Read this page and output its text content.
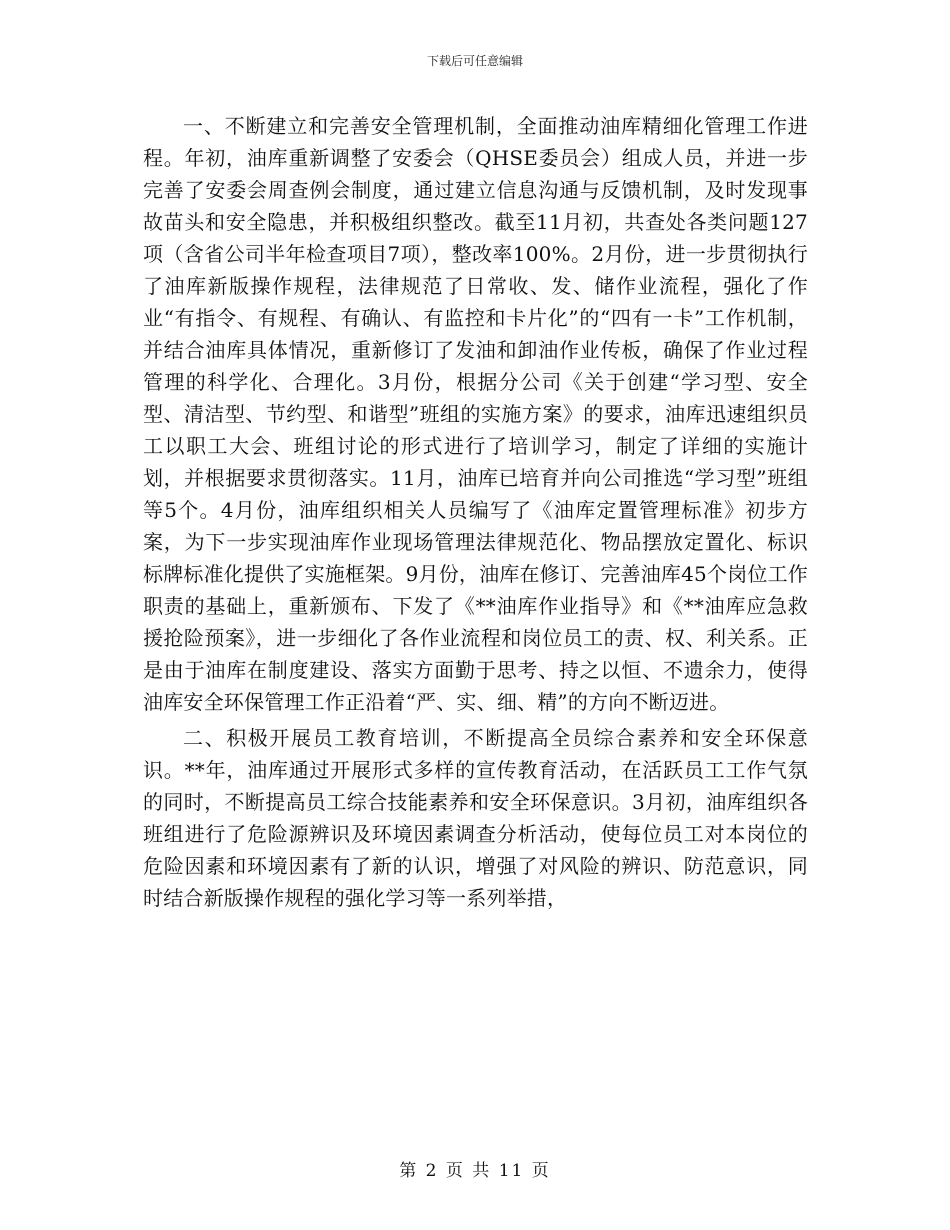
下载后可任意编辑

一、不断建立和完善安全管理机制，全面推动油库精细化管理工作进程。年初，油库重新调整了安委会（QHSE委员会）组成人员，并进一步完善了安委会周查例会制度，通过建立信息沟通与反馈机制，及时发现事故苗头和安全隐患，并积极组织整改。截至11月初，共查处各类问题127项（含省公司半年检查项目7项），整改率100%。2月份，进一步贯彻执行了油库新版操作规程，法律规范了日常收、发、储作业流程，强化了作业“有指令、有规程、有确认、有监控和卡片化”的“四有一卡”工作机制，并结合油库具体情况，重新修订了发油和卸油作业传板，确保了作业过程管理的科学化、合理化。3月份，根据分公司《关于创建“学习型、安全型、清洁型、节约型、和谐型”班组的实施方案》的要求，油库迅速组织员工以职工大会、班组讨论的形式进行了培训学习，制定了详细的实施计划，并根据要求贯彻落实。11月，油库已培育并向公司推选“学习型”班组等5个。4月份，油库组织相关人员编写了《油库定置管理标准》初步方案，为下一步实现油库作业现场管理法律规范化、物品摆放定置化、标识标牌标准化提供了实施框架。9月份，油库在修订、完善油库45个岗位工作职责的基础上，重新颁布、下发了《**油库作业指导》和《**油库应急救援抢险预案》，进一步细化了各作业流程和岗位员工的责、权、利关系。正是由于油库在制度建设、落实方面勤于思考、持之以恒、不遗余力，使得油库安全环保管理工作正沿着“严、实、细、精”的方向不断迈进。

二、积极开展员工教育培训，不断提高全员综合素养和安全环保意识。**年，油库通过开展形式多样的宣传教育活动，在活跃员工工作气氛的同时，不断提高员工综合技能素养和安全环保意识。3月初，油库组织各班组进行了危险源辨识及环境因素调查分析活动，使每位员工对本岗位的危险因素和环境因素有了新的认识，增强了对风险的辨识、防范意识，同时结合新版操作规程的强化学习等一系列举措，

第 2 页 共 11 页
